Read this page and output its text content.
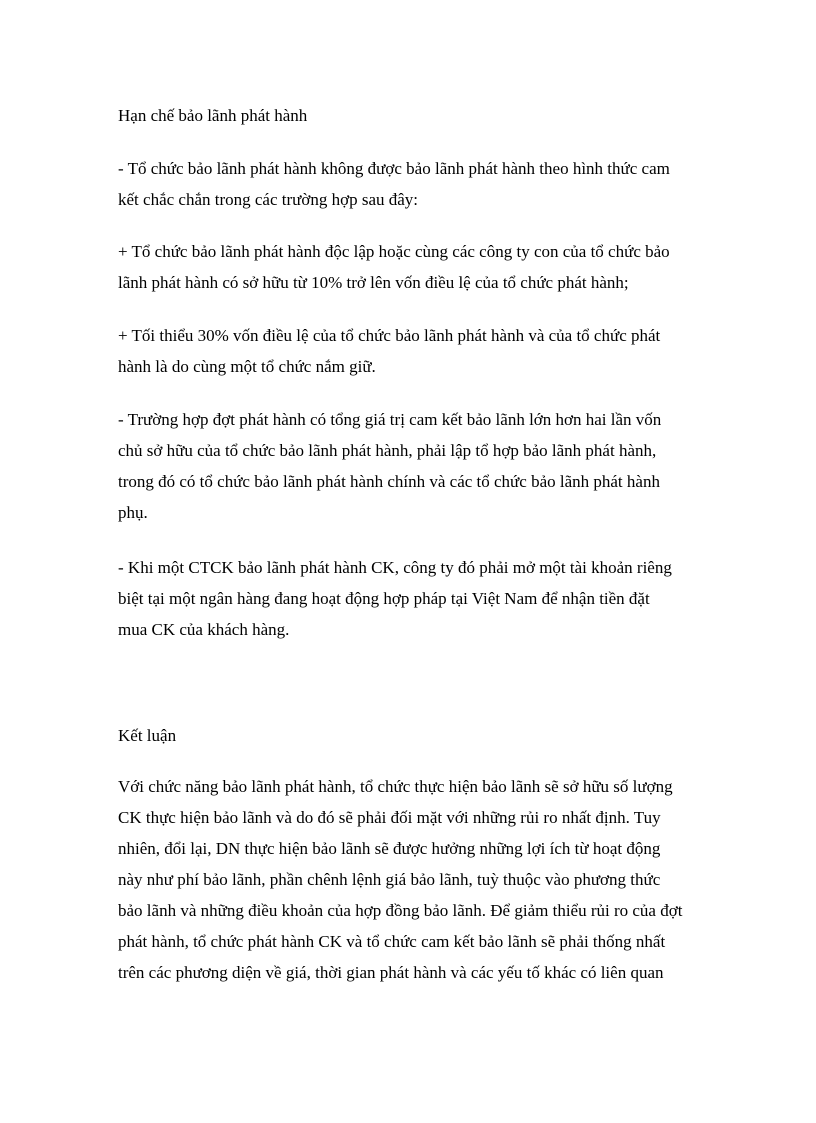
Hạn chế bảo lãnh phát hành
- Tổ chức bảo lãnh phát hành không được bảo lãnh phát hành theo hình thức cam
kết chắc chắn trong các trường hợp sau đây:
+ Tổ chức bảo lãnh phát hành độc lập hoặc cùng các công ty con của tổ chức bảo
lãnh phát hành có sở hữu từ 10% trở lên vốn điều lệ của tổ chức phát hành;
+ Tối thiểu 30% vốn điều lệ của tổ chức bảo lãnh phát hành và của tổ chức phát
hành là do cùng một tổ chức nắm giữ.
- Trường hợp đợt phát hành có tổng giá trị cam kết bảo lãnh lớn hơn hai lần vốn
chủ sở hữu của tổ chức bảo lãnh phát hành, phải lập tổ hợp bảo lãnh phát hành,
trong đó có tổ chức bảo lãnh phát hành chính và các tổ chức bảo lãnh phát hành
phụ.
- Khi một CTCK bảo lãnh phát hành CK, công ty đó phải mở một tài khoản riêng
biệt tại một ngân hàng đang hoạt động hợp pháp tại Việt Nam để nhận tiền đặt
mua CK của khách hàng.
Kết luận
Với chức năng bảo lãnh phát hành, tổ chức thực hiện bảo lãnh sẽ sở hữu số lượng
CK thực hiện bảo lãnh và do đó sẽ phải đối mặt với những rủi ro nhất định. Tuy
nhiên, đổi lại, DN thực hiện bảo lãnh sẽ được hưởng những lợi ích từ hoạt động
này như phí bảo lãnh, phần chênh lệnh giá bảo lãnh, tuỳ thuộc vào phương thức
bảo lãnh và những điều khoản của hợp đồng bảo lãnh. Để giảm thiểu rủi ro của đợt
phát hành, tổ chức phát hành CK và tổ chức cam kết bảo lãnh sẽ phải thống nhất
trên các phương diện về giá, thời gian phát hành và các yếu tố khác có liên quan
